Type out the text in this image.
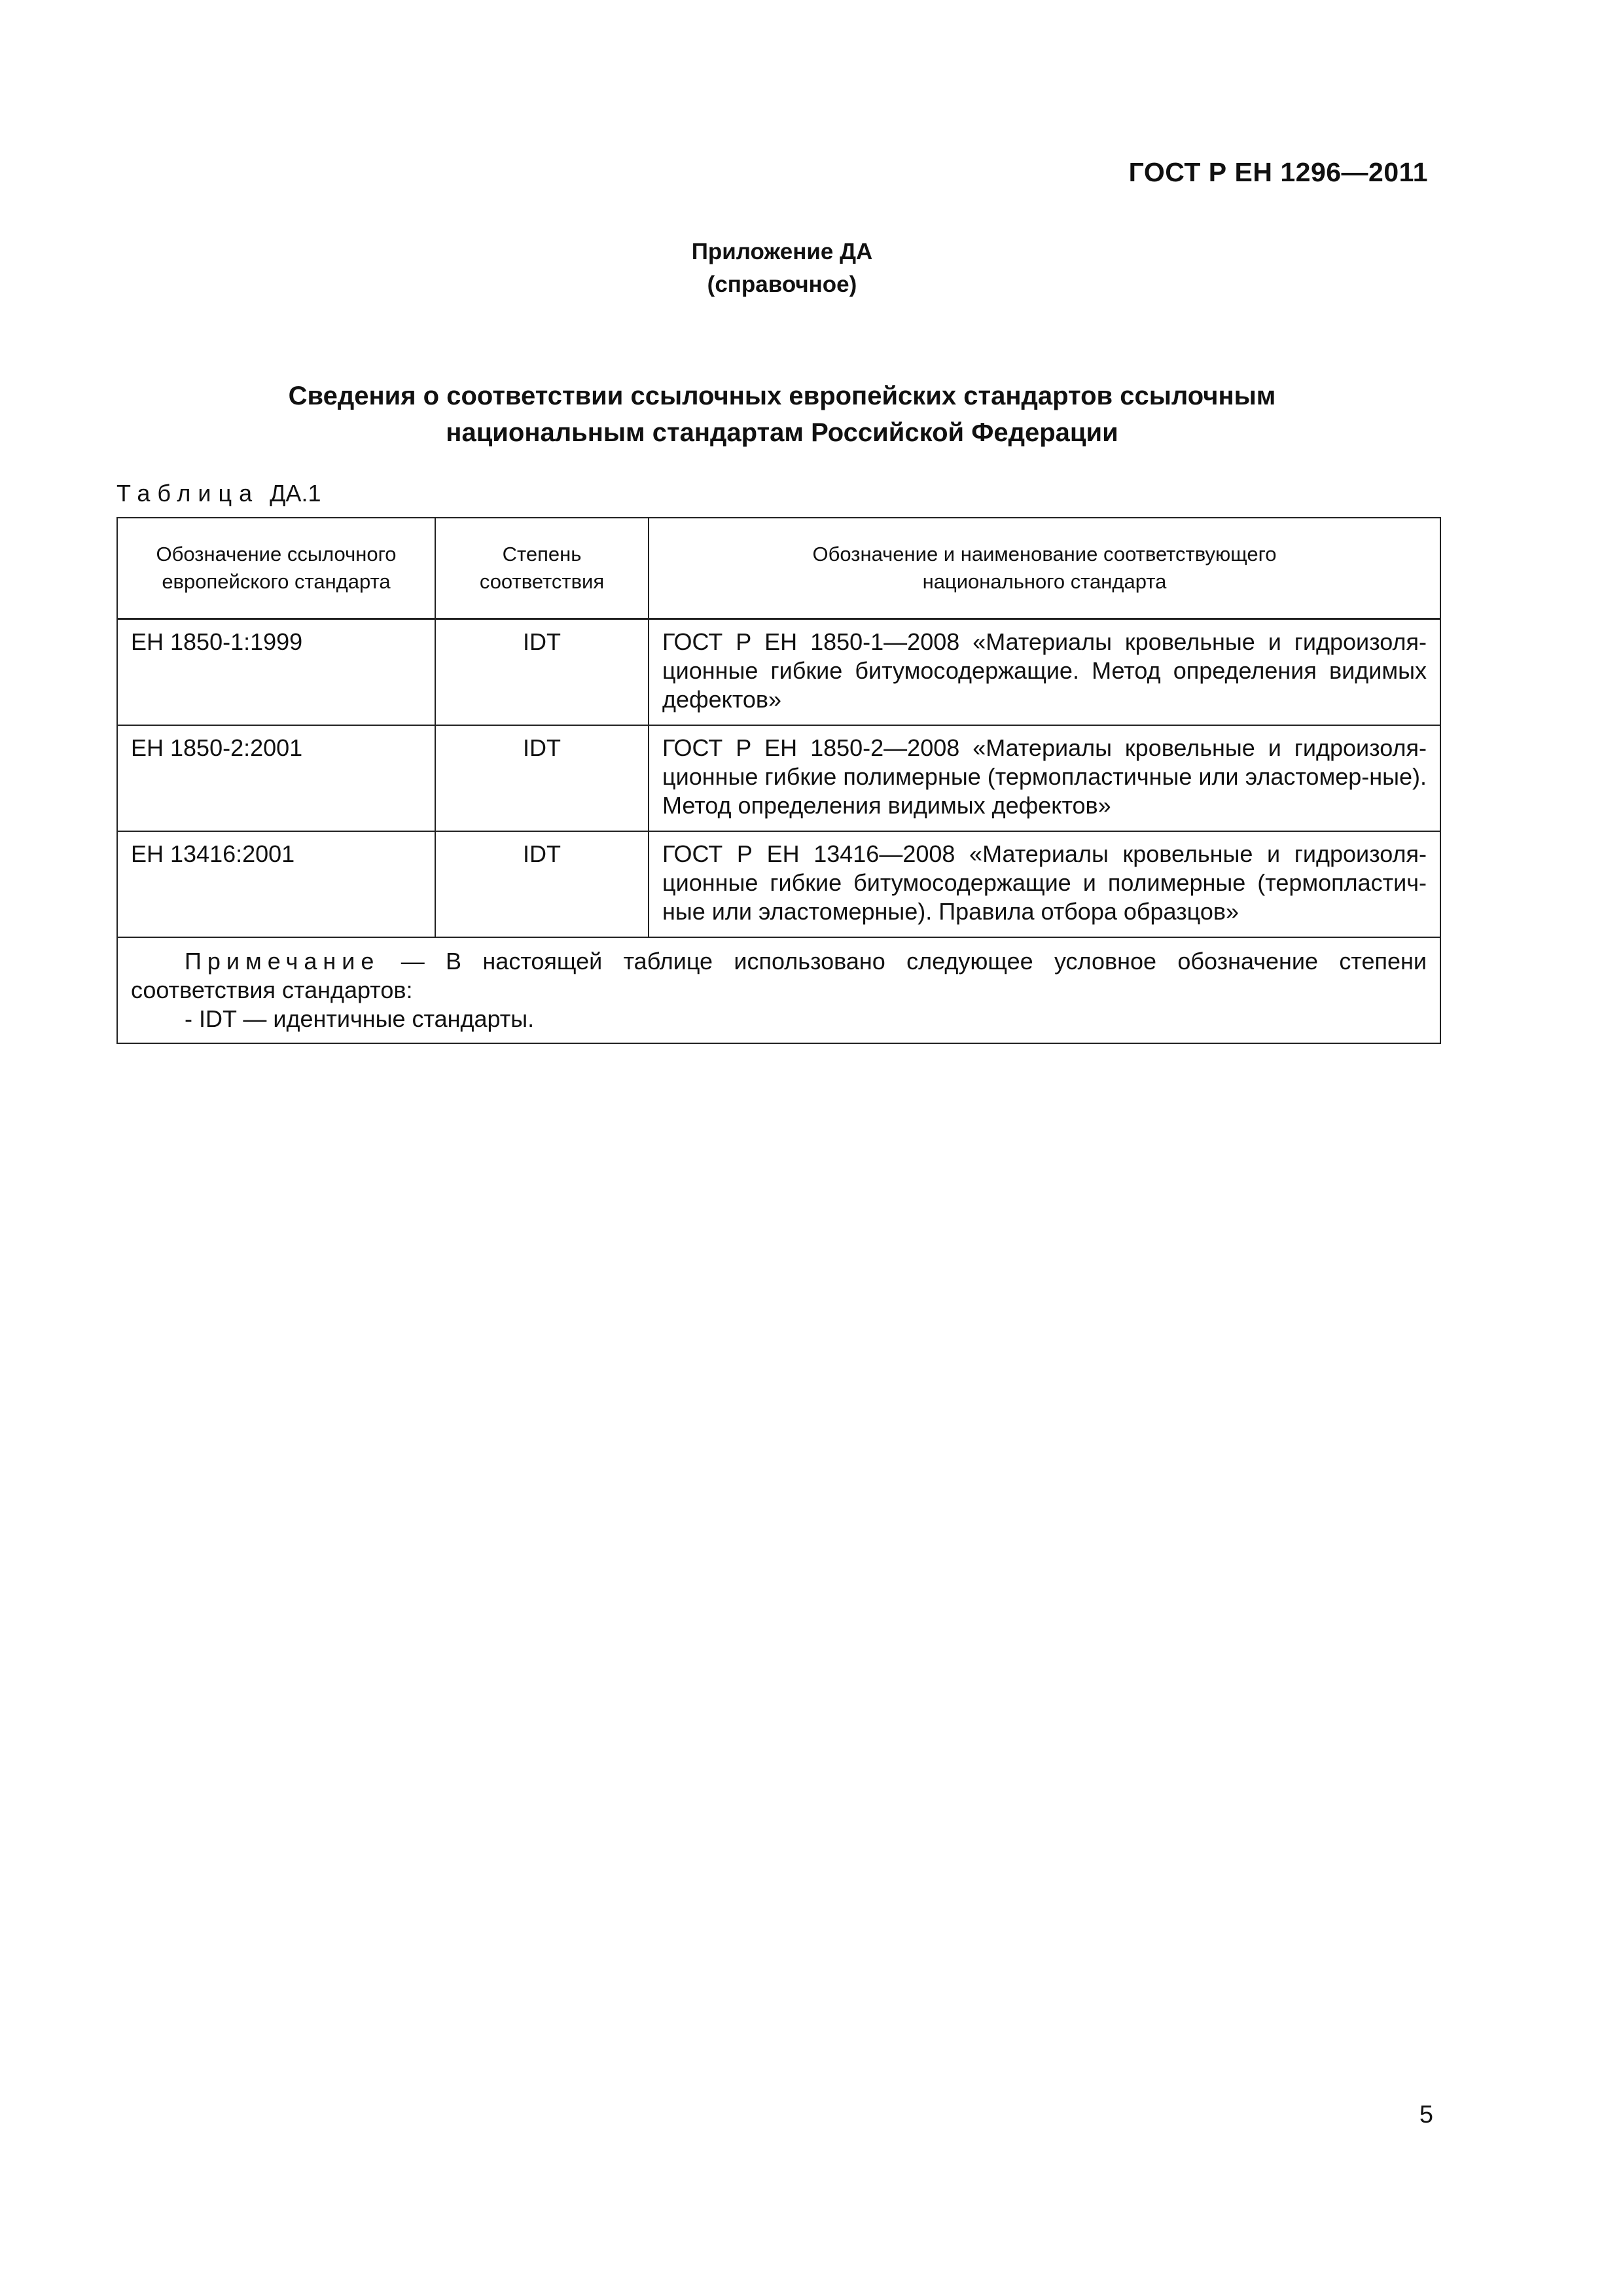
ГОСТ Р ЕН 1296—2011
Приложение ДА
(справочное)
Сведения о соответствии ссылочных европейских стандартов ссылочным
национальным стандартам Российской Федерации
Таблица ДА.1
Обозначение ссылочного европейского стандарта	Степень соответствия	Обозначение и наименование соответствующего национального стандарта
ЕН 1850-1:1999	IDT	ГОСТ Р ЕН 1850-1—2008 «Материалы кровельные и гидроизоля-ционные гибкие битумосодержащие. Метод определения видимых дефектов»
ЕН 1850-2:2001	IDT	ГОСТ Р ЕН 1850-2—2008 «Материалы кровельные и гидроизоля-ционные гибкие полимерные (термопластичные или эластомер-ные). Метод определения видимых дефектов»
ЕН 13416:2001	IDT	ГОСТ Р ЕН 13416—2008 «Материалы кровельные и гидроизоля-ционные гибкие битумосодержащие и полимерные (термопластич-ные или эластомерные). Правила отбора образцов»

Примечание — В настоящей таблице использовано следующее условное обозначение степени соответствия стандартов:
- IDT — идентичные стандарты.		
5
